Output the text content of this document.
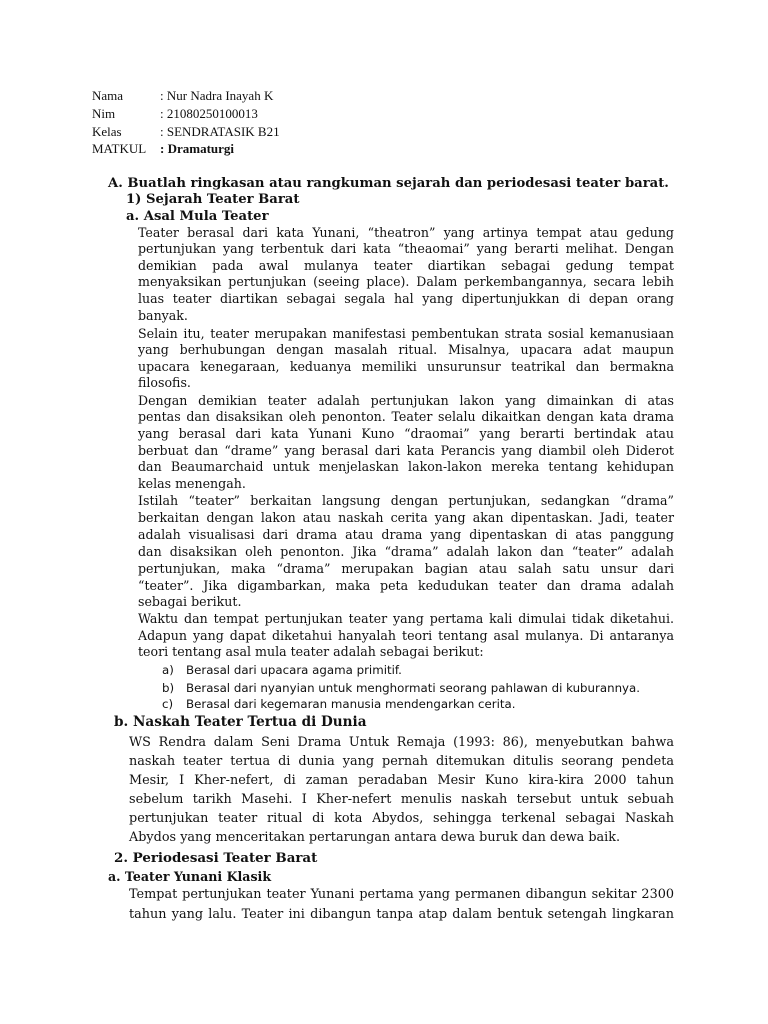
Nama	: Nur Nadra Inayah K
Nim	: 21080250100013
Kelas	: SENDRATASIK B21
MATKUL : Dramaturgi
A. Buatlah ringkasan atau rangkuman sejarah dan periodesasi teater barat.
1) Sejarah Teater Barat
a. Asal Mula Teater
Teater berasal dari kata Yunani, “theatron” yang artinya tempat atau gedung
pertunjukan yang terbentuk dari kata “theaomai” yang berarti melihat. Dengan
demikian pada awal mulanya teater diartikan sebagai gedung tempat
menyaksikan pertunjukan (seeing place). Dalam perkembangannya, secara lebih
luas teater diartikan sebagai segala hal yang dipertunjukkan di depan orang
banyak.
Selain itu, teater merupakan manifestasi pembentukan strata sosial kemanusiaan
yang berhubungan dengan masalah ritual. Misalnya, upacara adat maupun
upacara kenegaraan, keduanya memiliki unsurunsur teatrikal dan bermakna
filosofis.
Dengan demikian teater adalah pertunjukan lakon yang dimainkan di atas
pentas dan disaksikan oleh penonton. Teater selalu dikaitkan dengan kata drama
yang berasal dari kata Yunani Kuno “draomai” yang berarti bertindak atau
berbuat dan “drame” yang berasal dari kata Perancis yang diambil oleh Diderot
dan Beaumarchaid untuk menjelaskan lakon-lakon mereka tentang kehidupan
kelas menengah.
Istilah “teater” berkaitan langsung dengan pertunjukan, sedangkan “drama”
berkaitan dengan lakon atau naskah cerita yang akan dipentaskan. Jadi, teater
adalah visualisasi dari drama atau drama yang dipentaskan di atas panggung
dan disaksikan oleh penonton. Jika “drama” adalah lakon dan “teater” adalah
pertunjukan, maka “drama” merupakan bagian atau salah satu unsur dari
“teater”. Jika digambarkan, maka peta kedudukan teater dan drama adalah
sebagai berikut.
Waktu dan tempat pertunjukan teater yang pertama kali dimulai tidak diketahui.
Adapun yang dapat diketahui hanyalah teori tentang asal mulanya. Di antaranya
teori tentang asal mula teater adalah sebagai berikut:
a) Berasal dari upacara agama primitif.
b) Berasal dari nyanyian untuk menghormati seorang pahlawan di kuburannya.
c) Berasal dari kegemaran manusia mendengarkan cerita.
b. Naskah Teater Tertua di Dunia
WS Rendra dalam Seni Drama Untuk Remaja (1993: 86), menyebutkan bahwa
naskah teater tertua di dunia yang pernah ditemukan ditulis seorang pendeta
Mesir, I Kher-nefert, di zaman peradaban Mesir Kuno kira-kira 2000 tahun
sebelum tarikh Masehi. I Kher-nefert menulis naskah tersebut untuk sebuah
pertunjukan teater ritual di kota Abydos, sehingga terkenal sebagai Naskah
Abydos yang menceritakan pertarungan antara dewa buruk dan dewa baik.
2. Periodesasi Teater Barat
a. Teater Yunani Klasik
Tempat pertunjukan teater Yunani pertama yang permanen dibangun sekitar 2300
tahun yang lalu. Teater ini dibangun tanpa atap dalam bentuk setengah lingkaran
